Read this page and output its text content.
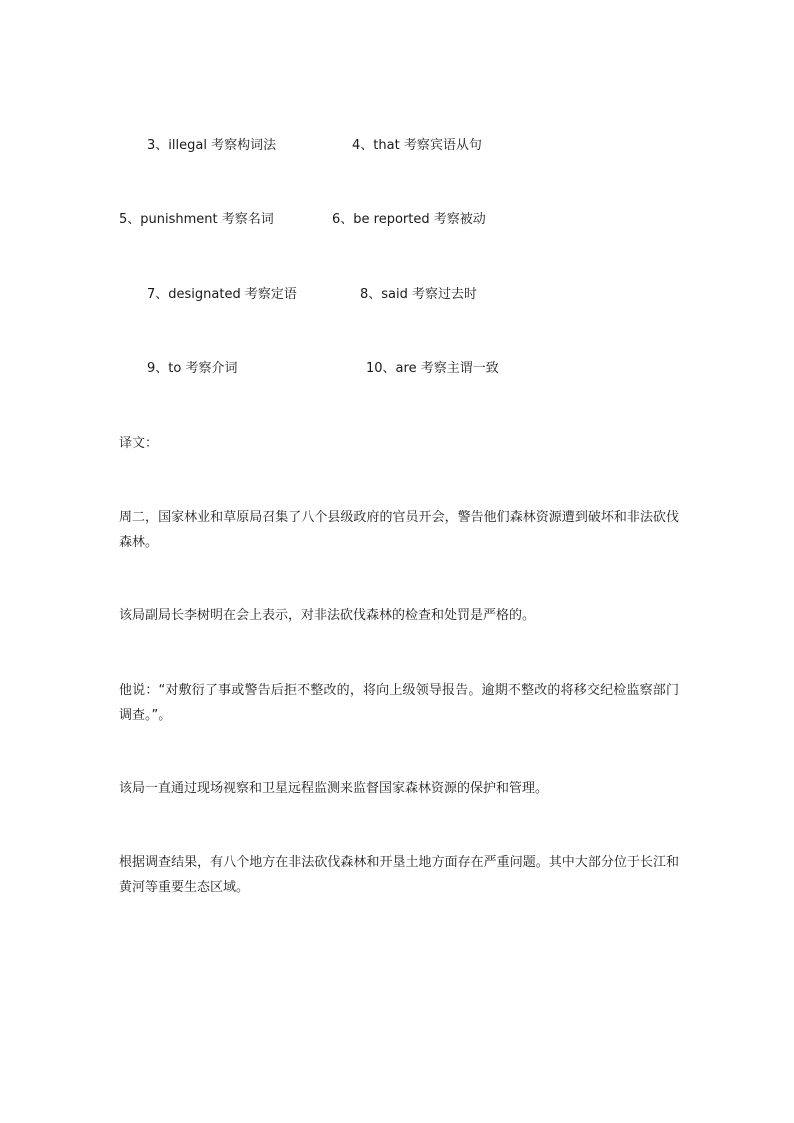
3、illegal 考察构词法	4、that 考察宾语从句
5、punishment 考察名词	6、be reported 考察被动
7、designated 考察定语	8、said 考察过去时
9、to 考察介词	10、are 考察主谓一致
译文：
周二，国家林业和草原局召集了八个县级政府的官员开会，警告他们森林资源遭到破坏和非法砍伐森林。
该局副局长李树明在会上表示，对非法砍伐森林的检查和处罚是严格的。
他说：“对敷衍了事或警告后拒不整改的，将向上级领导报告。逾期不整改的将移交纪检监察部门调查。”。
该局一直通过现场视察和卫星远程监测来监督国家森林资源的保护和管理。
根据调查结果，有八个地方在非法砍伐森林和开垦土地方面存在严重问题。其中大部分位于长江和黄河等重要生态区域。
